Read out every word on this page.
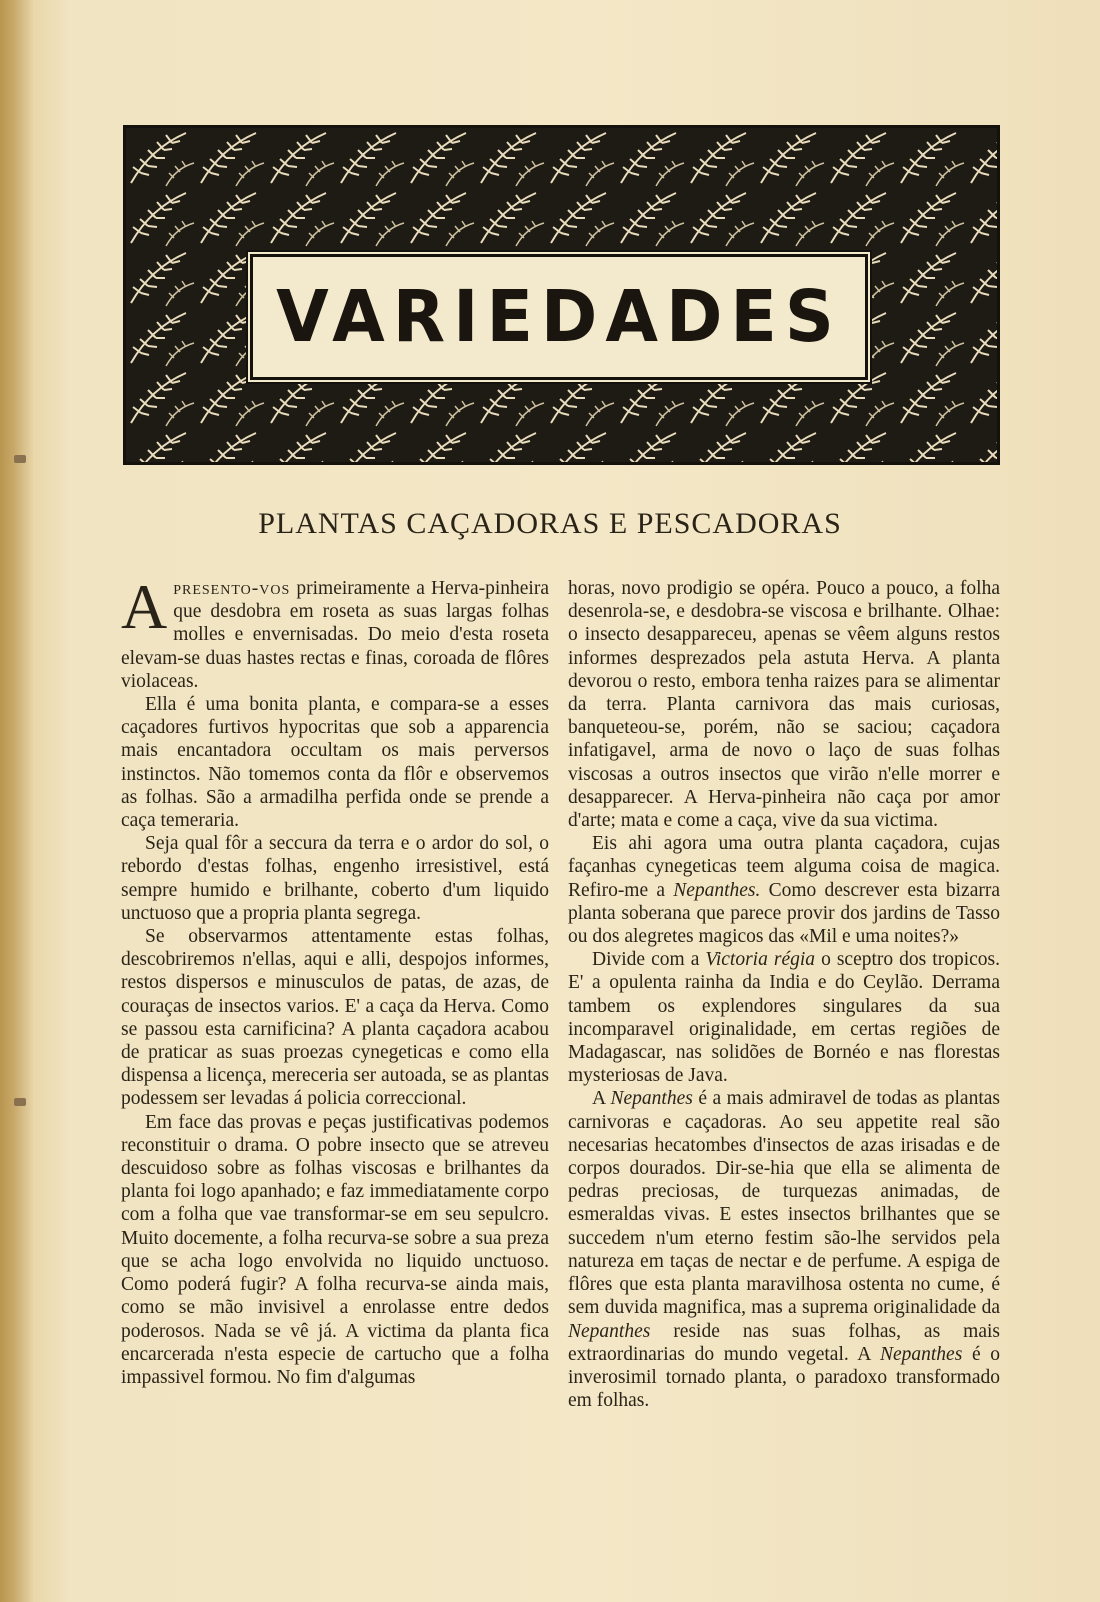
VARIEDADES
PLANTAS CAÇADORAS E PESCADORAS

Apresento-vos primeiramente a Herva-pinheira que desdobra em roseta as suas largas folhas molles e envernisadas. Do meio d'esta roseta elevam-se duas hastes rectas e finas, coroada de flôres violaceas.

Ella é uma bonita planta, e compara-se a esses caçadores furtivos hypocritas que sob a apparencia mais encantadora occultam os mais perversos instinctos. Não tomemos conta da flôr e observemos as folhas. São a armadilha perfida onde se prende a caça temeraria.

Seja qual fôr a seccura da terra e o ardor do sol, o rebordo d'estas folhas, engenho irresistivel, está sempre humido e brilhante, coberto d'um liquido unctuoso que a propria planta segrega.

Se observarmos attentamente estas folhas, descobriremos n'ellas, aqui e alli, despojos informes, restos dispersos e minusculos de patas, de azas, de couraças de insectos varios. E' a caça da Herva. Como se passou esta carnificina? A planta caçadora acabou de praticar as suas proezas cynegeticas e como ella dispensa a licença, mereceria ser autoada, se as plantas podessem ser levadas á policia correccional.

Em face das provas e peças justificativas podemos reconstituir o drama. O pobre insecto que se atreveu descuidoso sobre as folhas viscosas e brilhantes da planta foi logo apanhado; e faz immediatamente corpo com a folha que vae transformar-se em seu sepulcro. Muito docemente, a folha recurva-se sobre a sua preza que se acha logo envolvida no liquido unctuoso. Como poderá fugir? A folha recurva-se ainda mais, como se mão invisivel a enrolasse entre dedos poderosos. Nada se vê já. A victima da planta fica encarcerada n'esta especie de cartucho que a folha impassivel formou. No fim d'algumas

horas, novo prodigio se opéra. Pouco a pouco, a folha desenrola-se, e desdobra-se viscosa e brilhante. Olhae: o insecto desappareceu, apenas se vêem alguns restos informes desprezados pela astuta Herva. A planta devorou o resto, embora tenha raizes para se alimentar da terra. Planta carnivora das mais curiosas, banqueteou-se, porém, não se saciou; caçadora infatigavel, arma de novo o laço de suas folhas viscosas a outros insectos que virão n'elle morrer e desapparecer. A Herva-pinheira não caça por amor d'arte; mata e come a caça, vive da sua victima.

Eis ahi agora uma outra planta caçadora, cujas façanhas cynegeticas teem alguma coisa de magica. Refiro-me a Nepanthes. Como descrever esta bizarra planta soberana que parece provir dos jardins de Tasso ou dos alegretes magicos das «Mil e uma noites?»

Divide com a Victoria régia o sceptro dos tropicos. E' a opulenta rainha da India e do Ceylão. Derrama tambem os explendores singulares da sua incomparavel originalidade, em certas regiões de Madagascar, nas solidões de Bornéo e nas florestas mysteriosas de Java.

A Nepanthes é a mais admiravel de todas as plantas carnivoras e caçadoras. Ao seu appetite real são necesarias hecatombes d'insectos de azas irisadas e de corpos dourados. Dir-se-hia que ella se alimenta de pedras preciosas, de turquezas animadas, de esmeraldas vivas. E estes insectos brilhantes que se succedem n'um eterno festim são-lhe servidos pela natureza em taças de nectar e de perfume. A espiga de flôres que esta planta maravilhosa ostenta no cume, é sem duvida magnifica, mas a suprema originalidade da Nepanthes reside nas suas folhas, as mais extraordinarias do mundo vegetal. A Nepanthes é o inverosimil tornado planta, o paradoxo transformado em folhas.
